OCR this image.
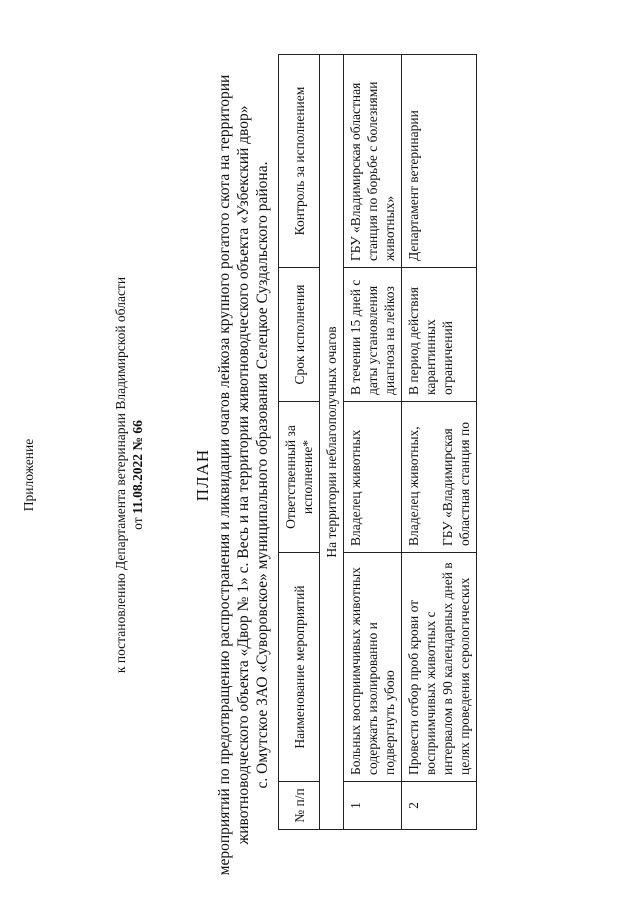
Приложение	к постановлению Департамента ветеринарии Владимирской области от 11.08.2022 № 66	ПЛАН мероприятий по предотвращению распространения и ликвидации очагов лейкоза крупного рогатого скота на территории животноводческого объекта «Двор № 1» с. Весь и на территории животноводческого объекта «Узбекский двор» с. Омутское ЗАО «Суворовское» муниципального образования Селецкое Суздальского района.
№ п/п	Наименование мероприятий	Ответственный за исполнение*	Срок исполнения	Контроль за исполнением
На территории неблагополучных очагов				
1	Больных восприимчивых животных содержать изолированно и подвергнуть убою	Владелец животных	В течении 15 дней с даты установления диагноза на лейкоз	ГБУ «Владимирская областная станция по борьбе с болезнями животных»
2	Провести отбор проб крови от восприимчивых животных с интервалом в 90 календарных дней в целях проведения серологических	Владелец животных, ГБУ «Владимирская областная станция по	В период действия карантинных ограничений	Департамент ветеринарии
